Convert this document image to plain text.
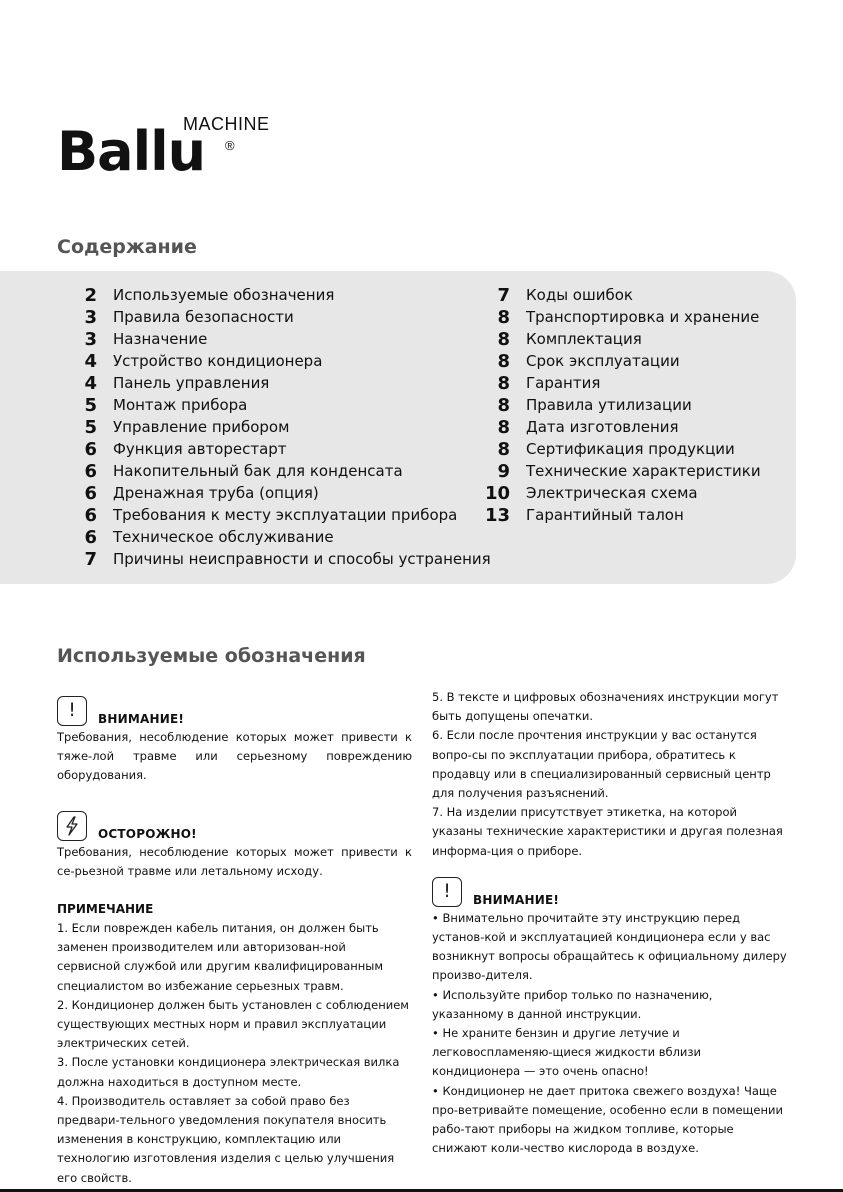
Ballu
MACHINE
®
Содержание
2 Используемые обозначения
3 Правила безопасности
3 Назначение
4 Устройство кондиционера
4 Панель управления
5 Монтаж прибора
5 Управление прибором
6 Функция авторестарт
6 Накопительный бак для конденсата
6 Дренажная труба (опция)
6 Требования к месту эксплуатации прибора
6 Техническое обслуживание
7 Причины неисправности и способы устранения
7 Коды ошибок
8 Транспортировка и хранение
8 Комплектация
8 Срок эксплуатации
8 Гарантия
8 Правила утилизации
8 Дата изготовления
8 Сертификация продукции
9 Технические характеристики
10 Электрическая схема
13 Гарантийный талон
Используемые обозначения
!	ВНИМАНИЕ!

Требования, несоблюдение которых может привести к тяже-лой травме или серьезному повреждению оборудования.

ОСТОРОЖНО!

Требования, несоблюдение которых может привести к се-рьезной травме или летальному исходу.

ПРИМЕЧАНИЕ

1. Если поврежден кабель питания, он должен быть заменен производителем или авторизован-ной сервисной службой или другим квалифицированным специалистом во избежание серьезных травм.

2. Кондиционер должен быть установлен с соблюдением существующих местных норм и правил эксплуатации электрических сетей.

3. После установки кондиционера электрическая вилка должна находиться в доступном месте.

4. Производитель оставляет за собой право без предвари-тельного уведомления покупателя вносить изменения в конструкцию, комплектацию или технологию изготовления изделия с целью улучшения его свойств.

5. В тексте и цифровых обозначениях инструкции могут быть допущены опечатки.

6. Если после прочтения инструкции у вас останутся вопро-сы по эксплуатации прибора, обратитесь к продавцу или в специализированный сервисный центр для получения разъяснений.

7. На изделии присутствует этикетка, на которой указаны технические характеристики и другая полезная информа-ция о приборе.

!	ВНИМАНИЕ!

• Внимательно прочитайте эту инструкцию перед установ-кой и эксплуатацией кондиционера если у вас возникнут вопросы обращайтесь к официальному дилеру произво-дителя.

• Используйте прибор только по назначению, указанному в данной инструкции.

• Не храните бензин и другие летучие и легковоспламеняю-щиеся жидкости вблизи кондиционера — это очень опасно!

• Кондиционер не дает притока свежего воздуха! Чаще про-ветривайте помещение, особенно если в помещении рабо-тают приборы на жидком топливе, которые снижают коли-чество кислорода в воздухе.
